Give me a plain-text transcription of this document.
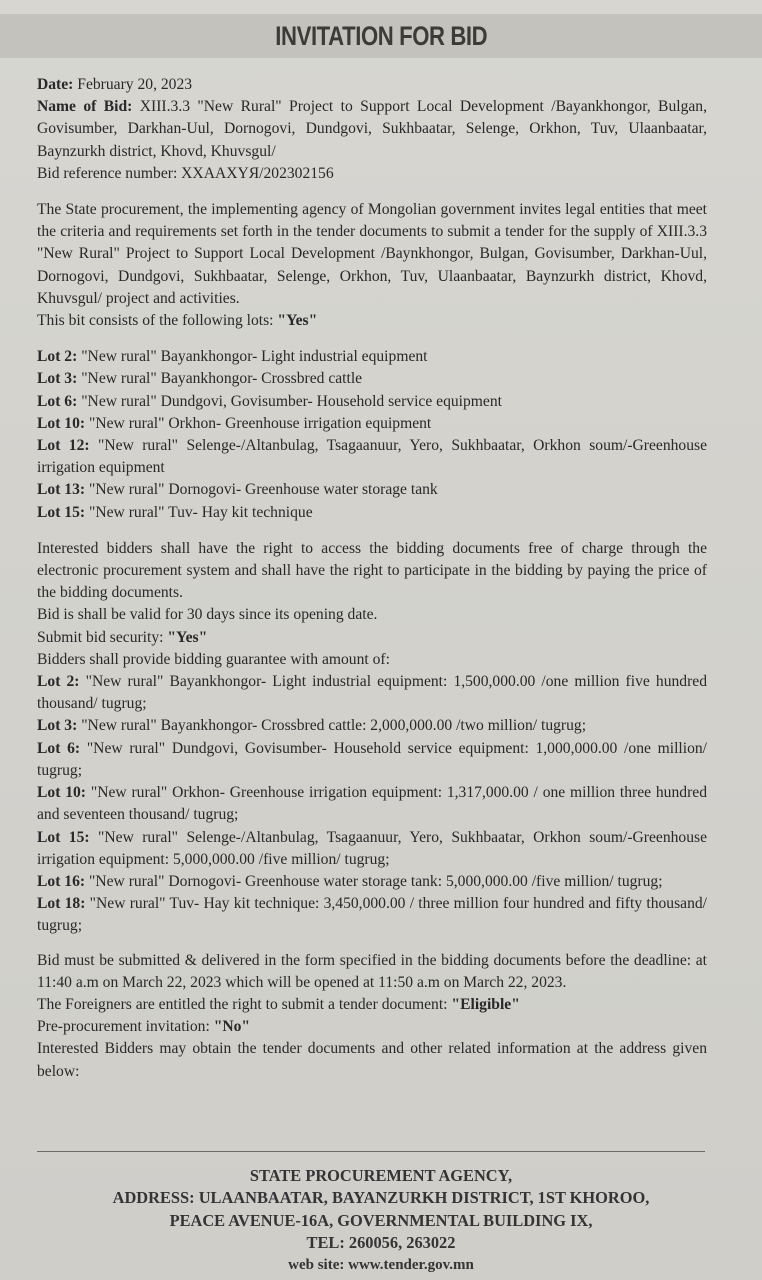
INVITATION FOR BID

Date: February 20, 2023

Name of Bid: XIII.3.3 "New Rural" Project to Support Local Development /Bayankhongor, Bulgan, Govisumber, Darkhan-Uul, Dornogovi, Dundgovi, Sukhbaatar, Selenge, Orkhon, Tuv, Ulaanbaatar, Baynzurkh district, Khovd, Khuvsgul/

Bid reference number: XXAAXYЯ/202302156

The State procurement, the implementing agency of Mongolian government invites legal entities that meet the criteria and requirements set forth in the tender documents to submit a tender for the supply of XIII.3.3 "New Rural" Project to Support Local Development /Baynkhongor, Bulgan, Govisumber, Darkhan-Uul, Dornogovi, Dundgovi, Sukhbaatar, Selenge, Orkhon, Tuv, Ulaanbaatar, Baynzurkh district, Khovd, Khuvsgul/ project and activities.

This bit consists of the following lots: "Yes"

Lot 2: "New rural" Bayankhongor- Light industrial equipment

Lot 3: "New rural" Bayankhongor- Crossbred cattle

Lot 6: "New rural" Dundgovi, Govisumber- Household service equipment

Lot 10: "New rural" Orkhon- Greenhouse irrigation equipment

Lot 12: "New rural" Selenge-/Altanbulag, Tsagaanuur, Yero, Sukhbaatar, Orkhon soum/-Greenhouse irrigation equipment

Lot 13: "New rural" Dornogovi- Greenhouse water storage tank

Lot 15: "New rural" Tuv- Hay kit technique

Interested bidders shall have the right to access the bidding documents free of charge through the electronic procurement system and shall have the right to participate in the bidding by paying the price of the bidding documents.

Bid is shall be valid for 30 days since its opening date.

Submit bid security: "Yes"

Bidders shall provide bidding guarantee with amount of:

Lot 2: "New rural" Bayankhongor- Light industrial equipment: 1,500,000.00 /one million five hundred thousand/ tugrug;

Lot 3: "New rural" Bayankhongor- Crossbred cattle: 2,000,000.00 /two million/ tugrug;

Lot 6: "New rural" Dundgovi, Govisumber- Household service equipment: 1,000,000.00 /one million/ tugrug;

Lot 10: "New rural" Orkhon- Greenhouse irrigation equipment: 1,317,000.00 / one million three hundred and seventeen thousand/ tugrug;

Lot 15: "New rural" Selenge-/Altanbulag, Tsagaanuur, Yero, Sukhbaatar, Orkhon soum/-Greenhouse irrigation equipment: 5,000,000.00 /five million/ tugrug;

Lot 16: "New rural" Dornogovi- Greenhouse water storage tank: 5,000,000.00 /five million/ tugrug;

Lot 18: "New rural" Tuv- Hay kit technique: 3,450,000.00 / three million four hundred and fifty thousand/ tugrug;

Bid must be submitted & delivered in the form specified in the bidding documents before the deadline: at 11:40 a.m on March 22, 2023 which will be opened at 11:50 a.m on March 22, 2023.

The Foreigners are entitled the right to submit a tender document: "Eligible"

Pre-procurement invitation: "No"

Interested Bidders may obtain the tender documents and other related information at the address given below:

STATE PROCUREMENT AGENCY,
ADDRESS: ULAANBAATAR, BAYANZURKH DISTRICT, 1ST KHOROO,
PEACE AVENUE-16A, GOVERNMENTAL BUILDING IX,
TEL: 260056, 263022
web site: www.tender.gov.mn
